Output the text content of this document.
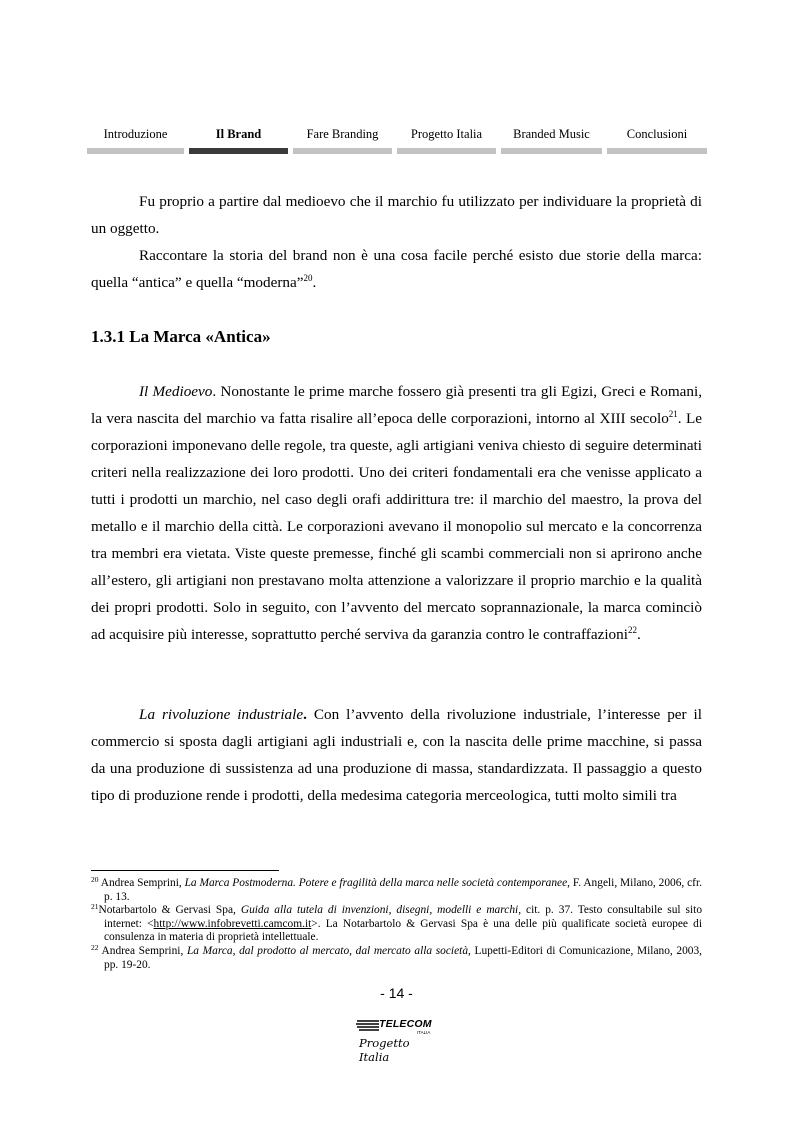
Introduzione	Il Brand	Fare Branding	Progetto Italia	Branded Music	Conclusioni

Fu proprio a partire dal medioevo che il marchio fu utilizzato per individuare la proprietà di un oggetto.

Raccontare la storia del brand non è una cosa facile perché esisto due storie della marca: quella “antica” e quella “moderna”$^{20}$.

1.3.1 La Marca «Antica»

Il Medioevo. Nonostante le prime marche fossero già presenti tra gli Egizi, Greci e Romani, la vera nascita del marchio va fatta risalire all’epoca delle corporazioni, intorno al XIII secolo$^{21}$. Le corporazioni imponevano delle regole, tra queste, agli artigiani veniva chiesto di seguire determinati criteri nella realizzazione dei loro prodotti. Uno dei criteri fondamentali era che venisse applicato a tutti i prodotti un marchio, nel caso degli orafi addirittura tre: il marchio del maestro, la prova del metallo e il marchio della città. Le corporazioni avevano il monopolio sul mercato e la concorrenza tra membri era vietata. Viste queste premesse, finché gli scambi commerciali non si aprirono anche all’estero, gli artigiani non prestavano molta attenzione a valorizzare il proprio marchio e la qualità dei propri prodotti. Solo in seguito, con l’avvento del mercato soprannazionale, la marca cominciò ad acquisire più interesse, soprattutto perché serviva da garanzia contro le contraffazioni$^{22}$.

La rivoluzione industriale. Con l’avvento della rivoluzione industriale, l’interesse per il commercio si sposta dagli artigiani agli industriali e, con la nascita delle prime macchine, si passa da una produzione di sussistenza ad una produzione di massa, standardizzata. Il passaggio a questo tipo di produzione rende i prodotti, della medesima categoria merceologica, tutti molto simili tra

$^{20}$ Andrea Semprini, La Marca Postmoderna. Potere e fragilità della marca nelle società contemporanee, F. Angeli, Milano, 2006, cfr. p. 13.

$^{21}$Notarbartolo & Gervasi Spa, Guida alla tutela di invenzioni, disegni, modelli e marchi, cit. p. 37. Testo consultabile sul sito internet: <http://www.infobrevetti.camcom.it>. La Notarbartolo & Gervasi Spa è una delle più qualificate società europee di consulenza in materia di proprietà intellettuale.

$^{22}$ Andrea Semprini, La Marca, dal prodotto al mercato, dal mercato alla società, Lupetti-Editori di Comunicazione, Milano, 2003, pp. 19-20.

- 14 -
TELECOM
ITALIA
Progetto Italia
